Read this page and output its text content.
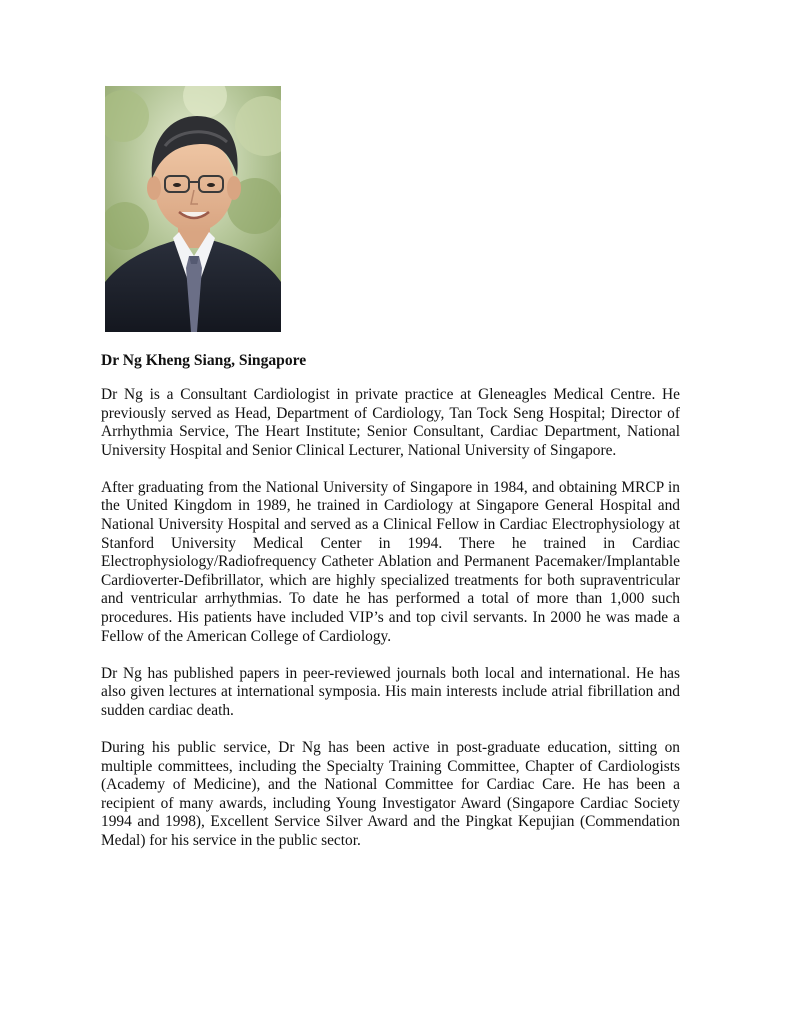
Dr Ng Kheng Siang, Singapore

Dr Ng is a Consultant Cardiologist in private practice at Gleneagles Medical Centre. He previously served as Head, Department of Cardiology, Tan Tock Seng Hospital; Director of Arrhythmia Service, The Heart Institute; Senior Consultant, Cardiac Department, National University Hospital and Senior Clinical Lecturer, National University of Singapore.

After graduating from the National University of Singapore in 1984, and obtaining MRCP in the United Kingdom in 1989, he trained in Cardiology at Singapore General Hospital and National University Hospital and served as a Clinical Fellow in Cardiac Electrophysiology at Stanford University Medical Center in 1994. There he trained in Cardiac Electrophysiology/Radiofrequency Catheter Ablation and Permanent Pacemaker/Implantable Cardioverter-Defibrillator, which are highly specialized treatments for both supraventricular and ventricular arrhythmias. To date he has performed a total of more than 1,000 such procedures. His patients have included VIP’s and top civil servants. In 2000 he was made a Fellow of the American College of Cardiology.

Dr Ng has published papers in peer-reviewed journals both local and international. He has also given lectures at international symposia. His main interests include atrial fibrillation and sudden cardiac death.

During his public service, Dr Ng has been active in post-graduate education, sitting on multiple committees, including the Specialty Training Committee, Chapter of Cardiologists (Academy of Medicine), and the National Committee for Cardiac Care. He has been a recipient of many awards, including Young Investigator Award (Singapore Cardiac Society 1994 and 1998), Excellent Service Silver Award and the Pingkat Kepujian (Commendation Medal) for his service in the public sector.
